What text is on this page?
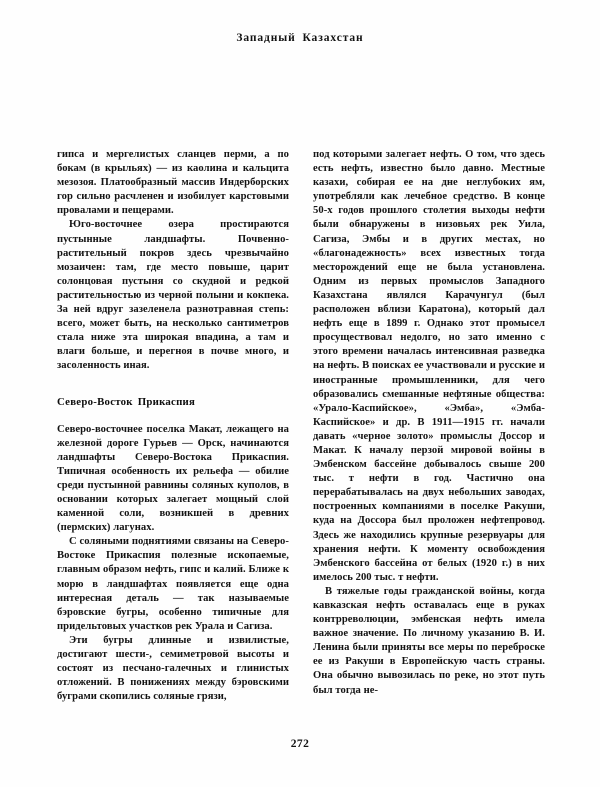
Западный Казахстан

гипса и мергелистых сланцев перми, а по бокам (в крыльях) — из каолина и кальцита мезозоя. Платообразный массив Индерборских гор сильно расчленен и изобилует карстовыми провалами и пещерами.

Юго-восточнее озера простираются пустынные ландшафты. Почвенно-растительный покров здесь чрезвычайно мозаичен: там, где место повыше, царит солонцовая пустыня со скудной и редкой растительностью из черной полыни и кокпека. За ней вдруг зазеленела разнотравная степь: всего, может быть, на несколько сантиметров стала ниже эта широкая впадина, а там и влаги больше, и перегноя в почве много, и засоленность иная.

Северо-Восток Прикаспия

Северо-восточнее поселка Макат, лежащего на железной дороге Гурьев — Орск, начинаются ландшафты Северо-Востока Прикаспия. Типичная особенность их рельефа — обилие среди пустынной равнины соляных куполов, в основании которых залегает мощный слой каменной соли, возникшей в древних (пермских) лагунах.

С соляными поднятиями связаны на Северо-Востоке Прикаспия полезные ископаемые, главным образом нефть, гипс и калий. Ближе к морю в ландшафтах появляется еще одна интересная деталь — так называемые бэровские бугры, особенно типичные для придельтовых участков рек Урала и Сагиза.

Эти бугры длинные и извилистые, достигают шести-, семиметровой высоты и состоят из песчано-галечных и глинистых отложений. В понижениях между бэровскими буграми скопились соляные грязи,

под которыми залегает нефть. О том, что здесь есть нефть, известно было давно. Местные казахи, собирая ее на дне неглубоких ям, употребляли как лечебное средство. В конце 50-х годов прошлого столетия выходы нефти были обнаружены в низовьях рек Уила, Сагиза, Эмбы и в других местах, но «благонадежность» всех известных тогда месторождений еще не была установлена. Одним из первых промыслов Западного Казахстана являлся Карачунгул (был расположен вблизи Каратона), который дал нефть еще в 1899 г. Однако этот промысел просуществовал недолго, но зато именно с этого времени началась интенсивная разведка на нефть. В поисках ее участвовали и русские и иностранные промышленники, для чего образовались смешанные нефтяные общества: «Урало-Каспийское», «Эмба», «Эмба-Каспийское» и др. В 1911—1915 гг. начали давать «черное золото» промыслы Доссор и Макат. К началу перзой мировой войны в Эмбенском бассейне добывалось свыше 200 тыс. т нефти в год. Частично она перерабатывалась на двух небольших заводах, построенных компаниями в поселке Ракуши, куда на Доссора был проложен нефтепровод. Здесь же находились крупные резервуары для хранения нефти. К моменту освобождения Эмбенского бассейна от белых (1920 г.) в них имелось 200 тыс. т нефти.

В тяжелые годы гражданской войны, когда кавказская нефть оставалась еще в руках контрреволюции, эмбенская нефть имела важное значение. По личному указанию В. И. Ленина были приняты все меры по переброске ее из Ракуши в Европейскую часть страны. Она обычно вывозилась по реке, но этот путь был тогда не-

272
